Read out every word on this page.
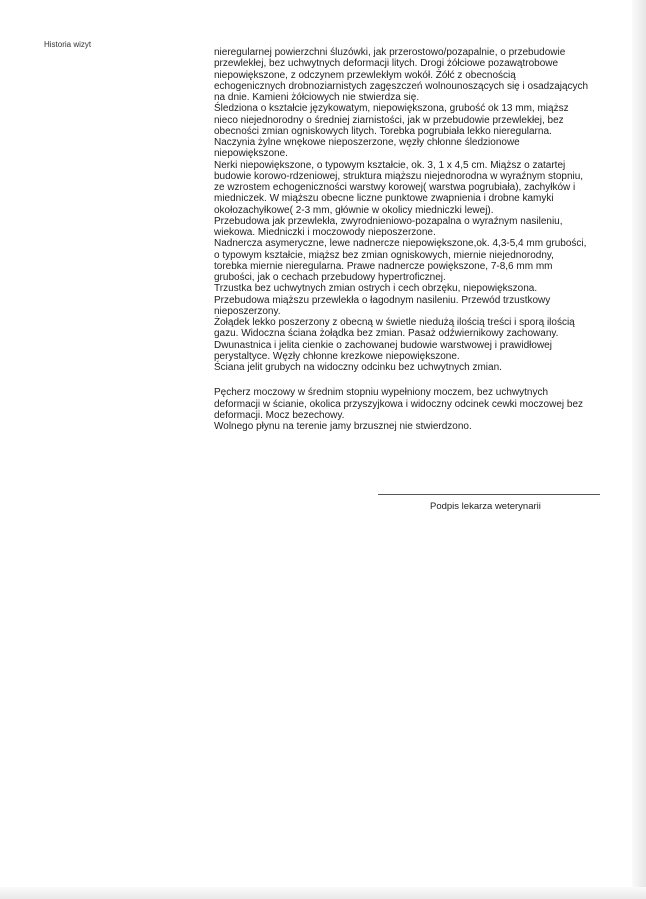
Historia wizyt

nieregularnej powierzchni śluzówki, jak przerostowo/pozapalnie, o przebudowie przewlekłej, bez uchwytnych deformacji litych. Drogi żółciowe pozawątrobowe niepowiększone, z odczynem przewlekłym wokół. Żółć z obecnością echogenicznych drobnoziarnistych zagęszczeń wolnounoszących się i osadzających na dnie. Kamieni żółciowych nie stwierdza się.

Śledziona o kształcie językowatym, niepowiększona, grubość ok 13 mm, miąższ nieco niejednorodny o średniej ziarnistości, jak w przebudowie przewlekłej, bez obecności zmian ogniskowych litych. Torebka pogrubiała lekko nieregularna. Naczynia żylne wnękowe nieposzerzone, węzły chłonne śledzionowe niepowiększone.

Nerki niepowiększone, o typowym kształcie, ok. 3, 1 x 4,5 cm. Miąższ o zatartej budowie korowo-rdzeniowej, struktura miąższu niejednorodna w wyraźnym stopniu, ze wzrostem echogeniczności warstwy korowej( warstwa pogrubiała), zachyłków i miedniczek. W miąższu obecne liczne punktowe zwapnienia i drobne kamyki okołozachyłkowe( 2-3 mm, głównie w okolicy miedniczki lewej).

Przebudowa jak przewlekła, zwyrodnieniowo-pozapalna o wyraźnym nasileniu, wiekowa. Miedniczki i moczowody nieposzerzone.

Nadnercza asymeryczne, lewe nadnercze niepowiększone,ok. 4,3-5,4 mm grubości, o typowym kształcie, miąższ bez zmian ogniskowych, miernie niejednorodny, torebka miernie nieregularna. Prawe nadnercze powiększone, 7-8,6 mm mm grubości, jak o cechach przebudowy hypertroficznej.

Trzustka bez uchwytnych zmian ostrych i cech obrzęku, niepowiększona. Przebudowa miąższu przewlekła o łagodnym nasileniu. Przewód trzustkowy nieposzerzony.

Żołądek lekko poszerzony z obecną w świetle niedużą ilością treści i sporą ilością gazu. Widoczna ściana żołądka bez zmian. Pasaż odźwiernikowy zachowany.

Dwunastnica i jelita cienkie o zachowanej budowie warstwowej i prawidłowej perystaltyce. Węzły chłonne krezkowe niepowiększone.

Ściana jelit grubych na widoczny odcinku bez uchwytnych zmian.

Pęcherz moczowy w średnim stopniu wypełniony moczem, bez uchwytnych deformacji w ścianie, okolica przyszyjkowa i widoczny odcinek cewki moczowej bez deformacji. Mocz bezechowy.

Wolnego płynu na terenie jamy brzusznej nie stwierdzono.

Podpis lekarza weterynarii
